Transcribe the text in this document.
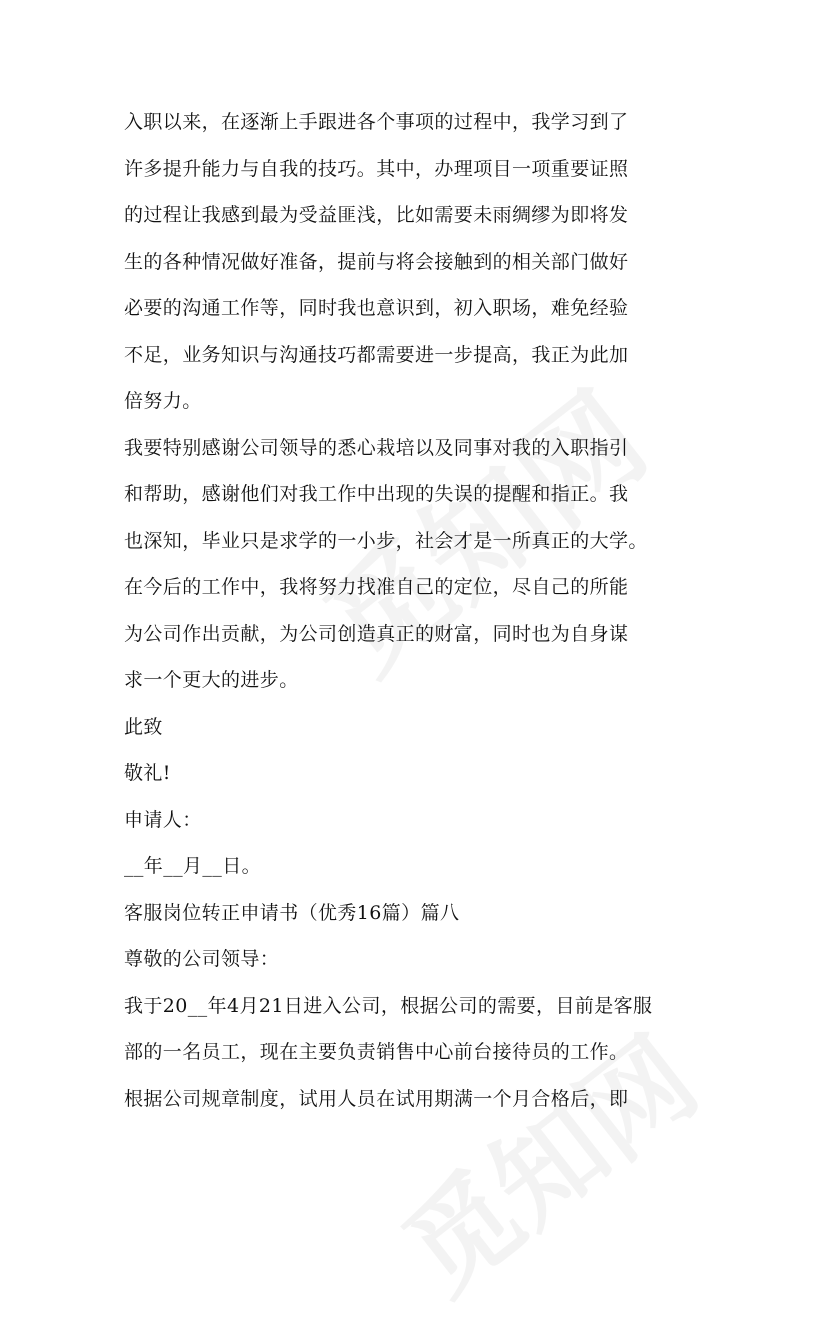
入职以来，在逐渐上手跟进各个事项的过程中，我学习到了
许多提升能力与自我的技巧。其中，办理项目一项重要证照
的过程让我感到最为受益匪浅，比如需要未雨绸缪为即将发
生的各种情况做好准备，提前与将会接触到的相关部门做好
必要的沟通工作等，同时我也意识到，初入职场，难免经验
不足，业务知识与沟通技巧都需要进一步提高，我正为此加
倍努力。
我要特别感谢公司领导的悉心栽培以及同事对我的入职指引
和帮助，感谢他们对我工作中出现的失误的提醒和指正。我
也深知，毕业只是求学的一小步，社会才是一所真正的大学。
在今后的工作中，我将努力找准自己的定位，尽自己的所能
为公司作出贡献，为公司创造真正的财富，同时也为自身谋
求一个更大的进步。
此致
敬礼!
申请人：
__年__月__日。
客服岗位转正申请书（优秀16篇）篇八
尊敬的公司领导：
我于20__年4月21日进入公司，根据公司的需要，目前是客服
部的一名员工，现在主要负责销售中心前台接待员的工作。
根据公司规章制度，试用人员在试用期满一个月合格后，即
